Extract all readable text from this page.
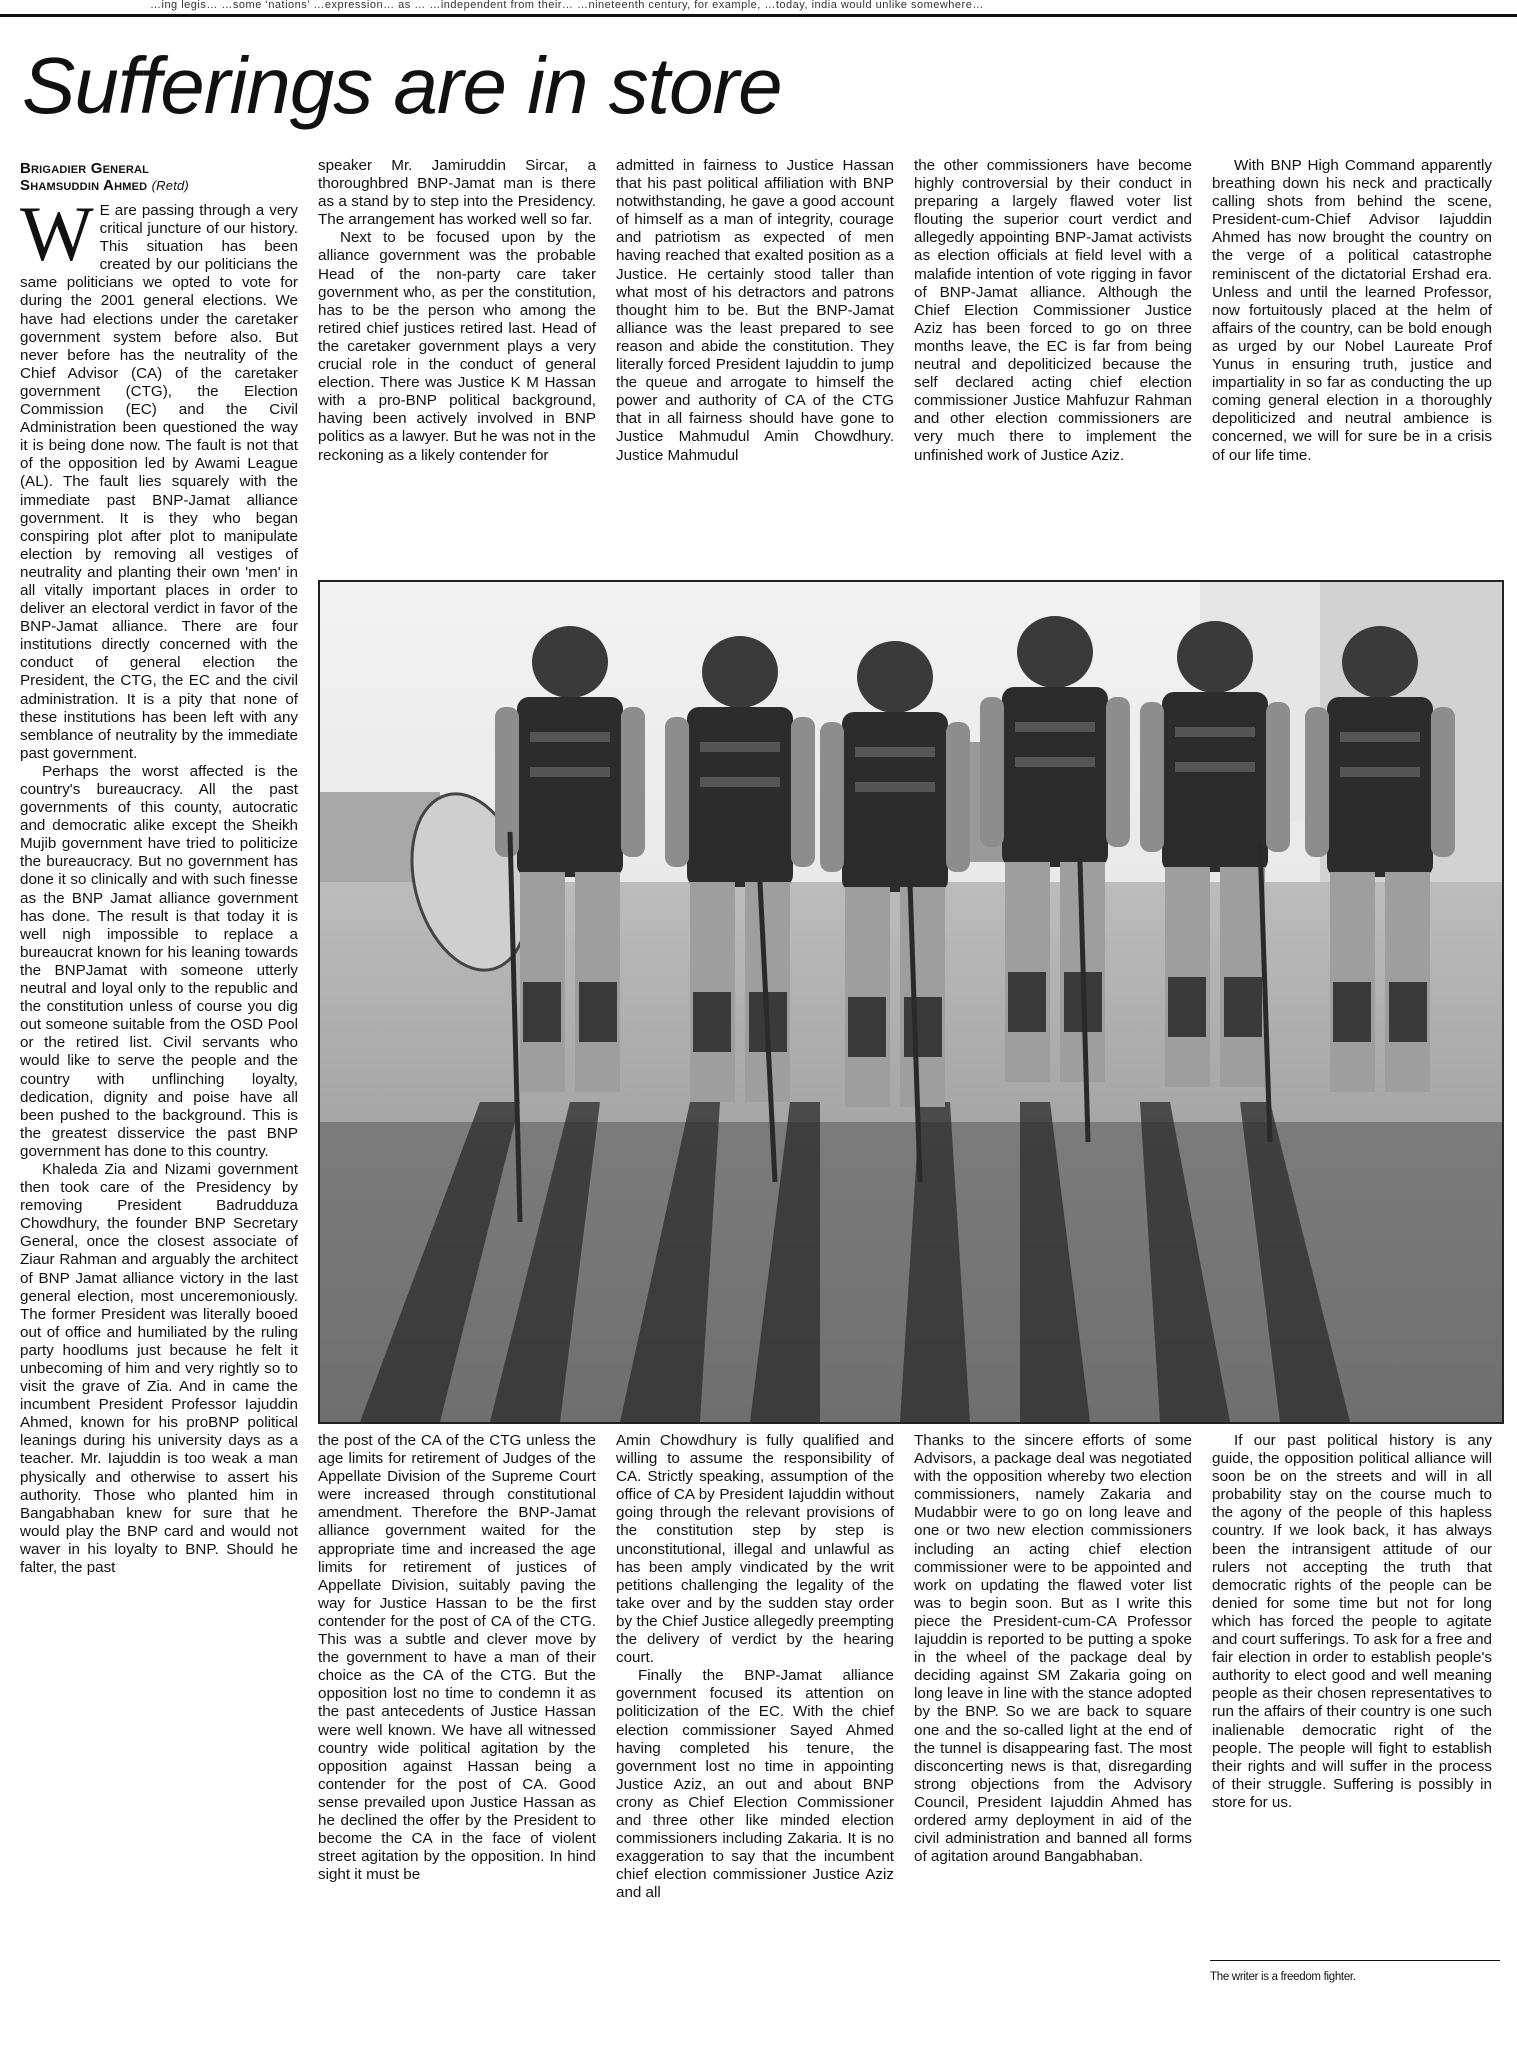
…ing legis… …some ‘nations’ …expression… as … …independent from their… …nineteenth century, for example, …today, india would unlike somewhere…
Sufferings are in store
Brigadier General
Shamsuddin Ahmed (Retd)

W E are passing through a very critical juncture of our history. This situation has been created by our politicians the same politicians we opted to vote for during the 2001 general elections. We have had elections under the caretaker government system before also. But never before has the neutrality of the Chief Advisor (CA) of the caretaker government (CTG), the Election Commission (EC) and the Civil Administration been questioned the way it is being done now. The fault is not that of the opposition led by Awami League (AL). The fault lies squarely with the immediate past BNP-Jamat alliance government. It is they who began conspiring plot after plot to manipulate election by removing all vestiges of neutrality and planting their own 'men' in all vitally important places in order to deliver an electoral verdict in favor of the BNP-Jamat alliance. There are four institutions directly concerned with the conduct of general election the President, the CTG, the EC and the civil administration. It is a pity that none of these institutions has been left with any semblance of neutrality by the immediate past government.

Perhaps the worst affected is the country's bureaucracy. All the past governments of this county, autocratic and democratic alike except the Sheikh Mujib government have tried to politicize the bureaucracy. But no government has done it so clinically and with such finesse as the BNP Jamat alliance government has done. The result is that today it is well nigh impossible to replace a bureaucrat known for his leaning towards the BNPJamat with someone utterly neutral and loyal only to the republic and the constitution unless of course you dig out someone suitable from the OSD Pool or the retired list. Civil servants who would like to serve the people and the country with unflinching loyalty, dedication, dignity and poise have all been pushed to the background. This is the greatest disservice the past BNP government has done to this country.

Khaleda Zia and Nizami government then took care of the Presidency by removing President Badrudduza Chowdhury, the founder BNP Secretary General, once the closest associate of Ziaur Rahman and arguably the architect of BNP Jamat alliance victory in the last general election, most unceremoniously. The former President was literally booed out of office and humiliated by the ruling party hoodlums just because he felt it unbecoming of him and very rightly so to visit the grave of Zia. And in came the incumbent President Professor Iajuddin Ahmed, known for his proBNP political leanings during his university days as a teacher. Mr. Iajuddin is too weak a man physically and otherwise to assert his authority. Those who planted him in Bangabhaban knew for sure that he would play the BNP card and would not waver in his loyalty to BNP. Should he falter, the past

speaker Mr. Jamiruddin Sircar, a thoroughbred BNP-Jamat man is there as a stand by to step into the Presidency. The arrangement has worked well so far.

Next to be focused upon by the alliance government was the probable Head of the non-party care taker government who, as per the constitution, has to be the person who among the retired chief justices retired last. Head of the caretaker government plays a very crucial role in the conduct of general election. There was Justice K M Hassan with a pro-BNP political background, having been actively involved in BNP politics as a lawyer. But he was not in the reckoning as a likely contender for

admitted in fairness to Justice Hassan that his past political affiliation with BNP notwithstanding, he gave a good account of himself as a man of integrity, courage and patriotism as expected of men having reached that exalted position as a Justice. He certainly stood taller than what most of his detractors and patrons thought him to be. But the BNP-Jamat alliance was the least prepared to see reason and abide the constitution. They literally forced President Iajuddin to jump the queue and arrogate to himself the power and authority of CA of the CTG that in all fairness should have gone to Justice Mahmudul Amin Chowdhury. Justice Mahmudul

the other commissioners have become highly controversial by their conduct in preparing a largely flawed voter list flouting the superior court verdict and allegedly appointing BNP-Jamat activists as election officials at field level with a malafide intention of vote rigging in favor of BNP-Jamat alliance. Although the Chief Election Commissioner Justice Aziz has been forced to go on three months leave, the EC is far from being neutral and depoliticized because the self declared acting chief election commissioner Justice Mahfuzur Rahman and other election commissioners are very much there to implement the unfinished work of Justice Aziz.

With BNP High Command apparently breathing down his neck and practically calling shots from behind the scene, President-cum-Chief Advisor Iajuddin Ahmed has now brought the country on the verge of a political catastrophe reminiscent of the dictatorial Ershad era. Unless and until the learned Professor, now fortuitously placed at the helm of affairs of the country, can be bold enough as urged by our Nobel Laureate Prof Yunus in ensuring truth, justice and impartiality in so far as conducting the up coming general election in a thoroughly depoliticized and neutral ambience is concerned, we will for sure be in a crisis of our life time.

the post of the CA of the CTG unless the age limits for retirement of Judges of the Appellate Division of the Supreme Court were increased through constitutional amendment. Therefore the BNP-Jamat alliance government waited for the appropriate time and increased the age limits for retirement of justices of Appellate Division, suitably paving the way for Justice Hassan to be the first contender for the post of CA of the CTG. This was a subtle and clever move by the government to have a man of their choice as the CA of the CTG. But the opposition lost no time to condemn it as the past antecedents of Justice Hassan were well known. We have all witnessed country wide political agitation by the opposition against Hassan being a contender for the post of CA. Good sense prevailed upon Justice Hassan as he declined the offer by the President to become the CA in the face of violent street agitation by the opposition. In hind sight it must be

Amin Chowdhury is fully qualified and willing to assume the responsibility of CA. Strictly speaking, assumption of the office of CA by President Iajuddin without going through the relevant provisions of the constitution step by step is unconstitutional, illegal and unlawful as has been amply vindicated by the writ petitions challenging the legality of the take over and by the sudden stay order by the Chief Justice allegedly preempting the delivery of verdict by the hearing court.

Finally the BNP-Jamat alliance government focused its attention on politicization of the EC. With the chief election commissioner Sayed Ahmed having completed his tenure, the government lost no time in appointing Justice Aziz, an out and about BNP crony as Chief Election Commissioner and three other like minded election commissioners including Zakaria. It is no exaggeration to say that the incumbent chief election commissioner Justice Aziz and all

Thanks to the sincere efforts of some Advisors, a package deal was negotiated with the opposition whereby two election commissioners, namely Zakaria and Mudabbir were to go on long leave and one or two new election commissioners including an acting chief election commissioner were to be appointed and work on updating the flawed voter list was to begin soon. But as I write this piece the President-cum-CA Professor Iajuddin is reported to be putting a spoke in the wheel of the package deal by deciding against SM Zakaria going on long leave in line with the stance adopted by the BNP. So we are back to square one and the so-called light at the end of the tunnel is disappearing fast. The most disconcerting news is that, disregarding strong objections from the Advisory Council, President Iajuddin Ahmed has ordered army deployment in aid of the civil administration and banned all forms of agitation around Bangabhaban.

If our past political history is any guide, the opposition political alliance will soon be on the streets and will in all probability stay on the course much to the agony of the people of this hapless country. If we look back, it has always been the intransigent attitude of our rulers not accepting the truth that democratic rights of the people can be denied for some time but not for long which has forced the people to agitate and court sufferings. To ask for a free and fair election in order to establish people's authority to elect good and well meaning people as their chosen representatives to run the affairs of their country is one such inalienable democratic right of the people. The people will fight to establish their rights and will suffer in the process of their struggle. Suffering is possibly in store for us.

The writer is a freedom fighter.
